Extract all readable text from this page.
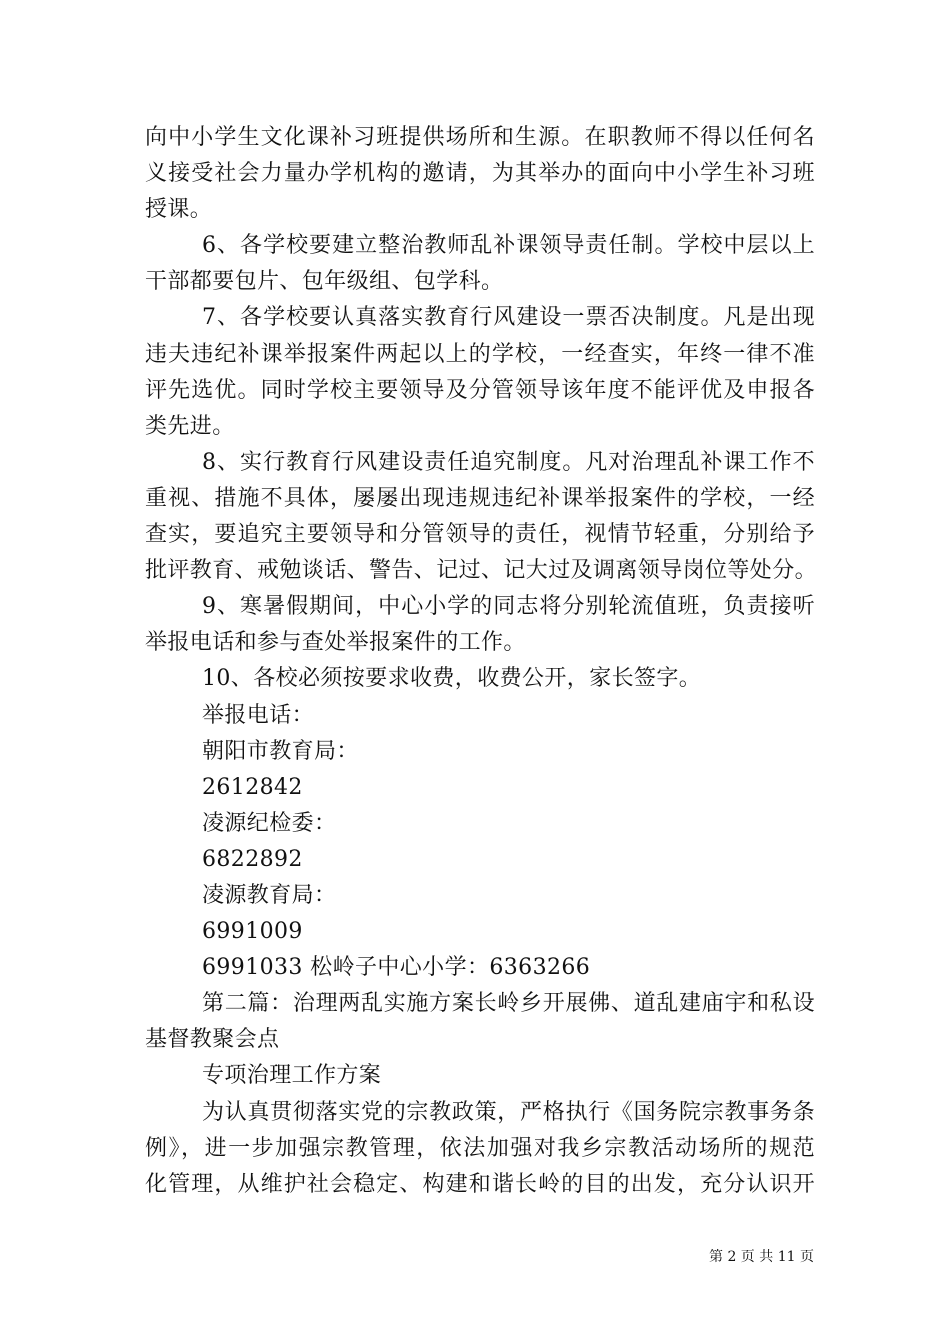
向中小学生文化课补习班提供场所和生源。在职教师不得以任何名
义接受社会力量办学机构的邀请，为其举办的面向中小学生补习班
授课。
6、各学校要建立整治教师乱补课领导责任制。学校中层以上
干部都要包片、包年级组、包学科。
7、各学校要认真落实教育行风建设一票否决制度。凡是出现
违夫违纪补课举报案件两起以上的学校，一经查实，年终一律不准
评先选优。同时学校主要领导及分管领导该年度不能评优及申报各
类先进。
8、实行教育行风建设责任追究制度。凡对治理乱补课工作不
重视、措施不具体，屡屡出现违规违纪补课举报案件的学校，一经
查实，要追究主要领导和分管领导的责任，视情节轻重，分别给予
批评教育、戒勉谈话、警告、记过、记大过及调离领导岗位等处分。
9、寒暑假期间，中心小学的同志将分别轮流值班，负责接听
举报电话和参与查处举报案件的工作。
10、各校必须按要求收费，收费公开，家长签字。
举报电话：
朝阳市教育局：
2612842
凌源纪检委：
6822892
凌源教育局：
6991009
6991033 松岭子中心小学：6363266
第二篇：治理两乱实施方案长岭乡开展佛、道乱建庙宇和私设
基督教聚会点
专项治理工作方案
为认真贯彻落实党的宗教政策，严格执行《国务院宗教事务条
例》，进一步加强宗教管理，依法加强对我乡宗教活动场所的规范
化管理，从维护社会稳定、构建和谐长岭的目的出发，充分认识开
第 2 页 共 11 页
